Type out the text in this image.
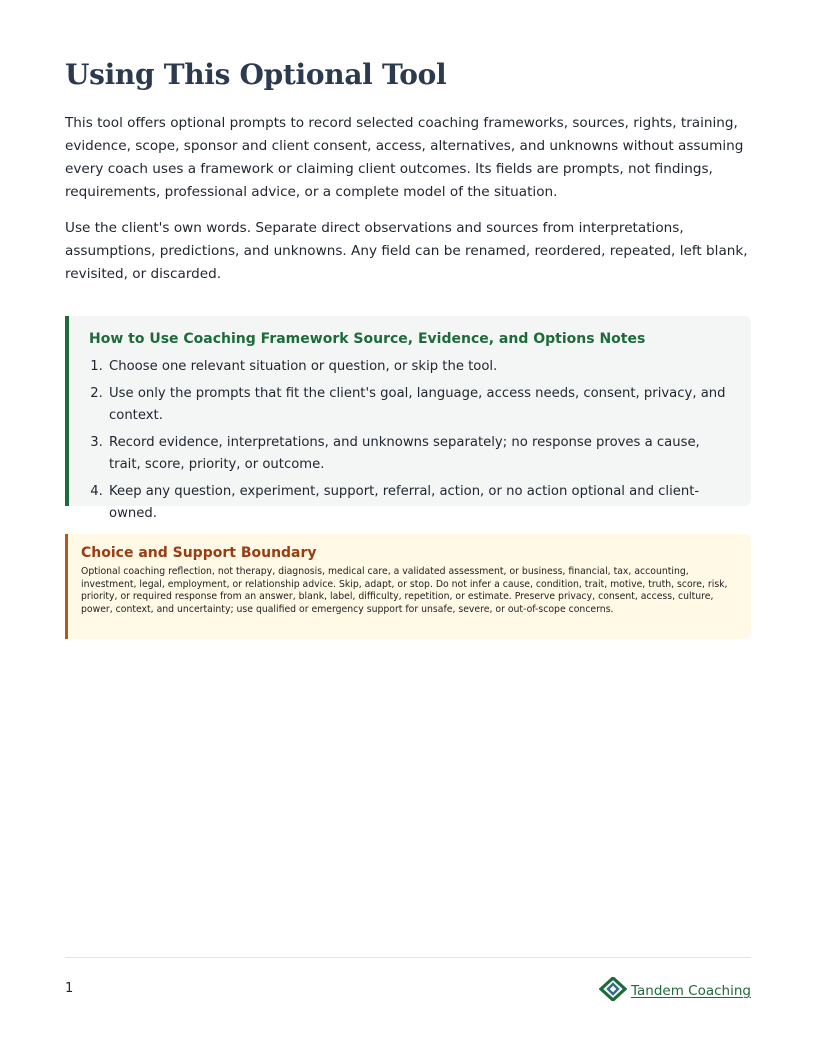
Using This Optional Tool

This tool offers optional prompts to record selected coaching frameworks, sources, rights, training, evidence, scope, sponsor and client consent, access, alternatives, and unknowns without assuming every coach uses a framework or claiming client outcomes. Its fields are prompts, not findings, requirements, professional advice, or a complete model of the situation.

Use the client's own words. Separate direct observations and sources from interpretations, assumptions, predictions, and unknowns. Any field can be renamed, reordered, repeated, left blank, revisited, or discarded.

How to Use Coaching Framework Source, Evidence, and Options Notes
1. Choose one relevant situation or question, or skip the tool.
2. Use only the prompts that fit the client's goal, language, access needs, consent, privacy, and context.
3. Record evidence, interpretations, and unknowns separately; no response proves a cause, trait, score, priority, or outcome.
4. Keep any question, experiment, support, referral, action, or no action optional and client-owned.
Choice and Support Boundary

Optional coaching reflection, not therapy, diagnosis, medical care, a validated assessment, or business, financial, tax, accounting, investment, legal, employment, or relationship advice. Skip, adapt, or stop. Do not infer a cause, condition, trait, motive, truth, score, risk, priority, or required response from an answer, blank, label, difficulty, repetition, or estimate. Preserve privacy, consent, access, culture, power, context, and uncertainty; use qualified or emergency support for unsafe, severe, or out-of-scope concerns.

1	Tandem Coaching
